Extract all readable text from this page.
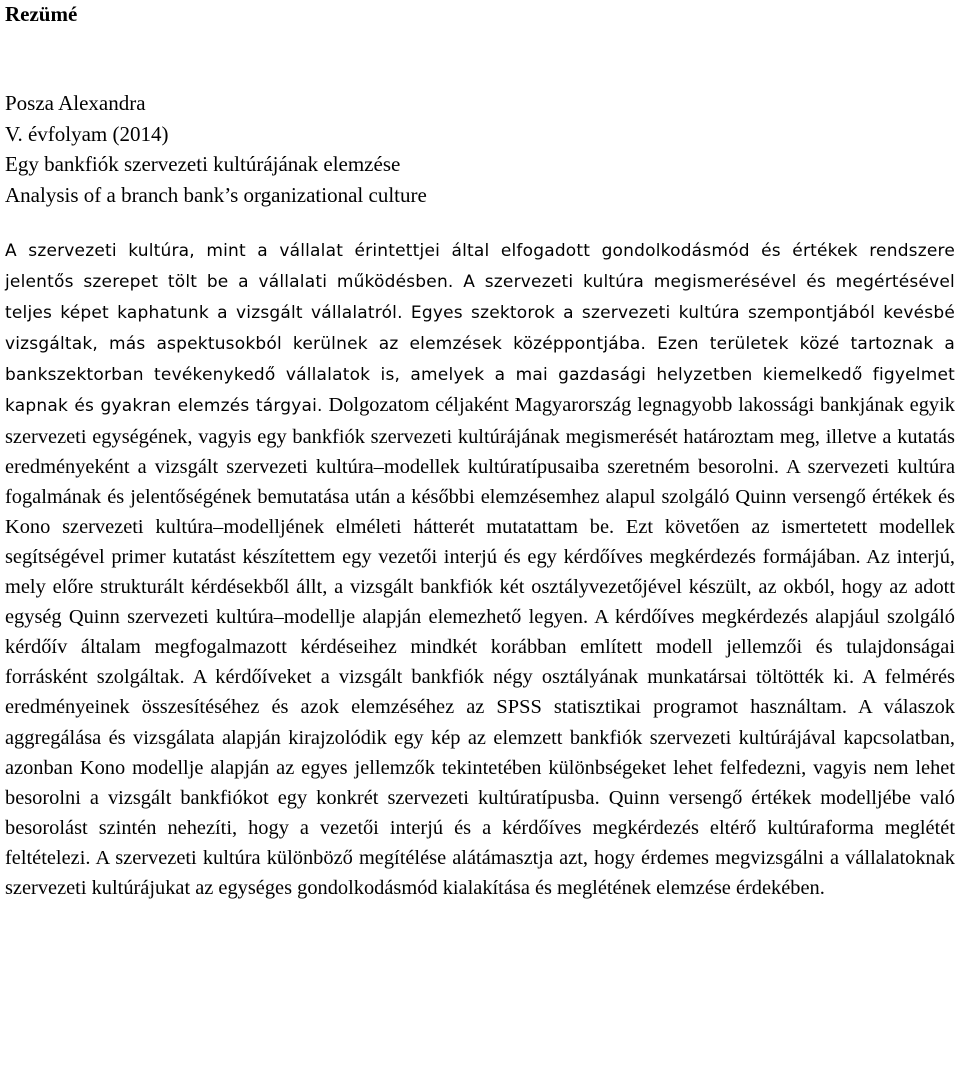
Rezümé
Posza Alexandra
V. évfolyam (2014)
Egy bankfiók szervezeti kultúrájának elemzése
Analysis of a branch bank’s organizational culture

A szervezeti kultúra, mint a vállalat érintettjei által elfogadott gondolkodásmód és értékek rendszere jelentős szerepet tölt be a vállalati működésben. A szervezeti kultúra megismerésével és megértésével teljes képet kaphatunk a vizsgált vállalatról. Egyes szektorok a szervezeti kultúra szempontjából kevésbé vizsgáltak, más aspektusokból kerülnek az elemzések középpontjába. Ezen területek közé tartoznak a bankszektorban tevékenykedő vállalatok is, amelyek a mai gazdasági helyzetben kiemelkedő figyelmet kapnak és gyakran elemzés tárgyai. Dolgozatom céljaként Magyarország legnagyobb lakossági bankjának egyik szervezeti egységének, vagyis egy bankfiók szervezeti kultúrájának megismerését határoztam meg, illetve a kutatás eredményeként a vizsgált szervezeti kultúra–modellek kultúratípusaiba szeretném besorolni. A szervezeti kultúra fogalmának és jelentőségének bemutatása után a későbbi elemzésemhez alapul szolgáló Quinn versengő értékek és Kono szervezeti kultúra–modelljének elméleti hátterét mutatattam be. Ezt követően az ismertetett modellek segítségével primer kutatást készítettem egy vezetői interjú és egy kérdőíves megkérdezés formájában. Az interjú, mely előre strukturált kérdésekből állt, a vizsgált bankfiók két osztályvezetőjével készült, az okból, hogy az adott egység Quinn szervezeti kultúra–modellje alapján elemezhető legyen. A kérdőíves megkérdezés alapjául szolgáló kérdőív általam megfogalmazott kérdéseihez mindkét korábban említett modell jellemzői és tulajdonságai forrásként szolgáltak. A kérdőíveket a vizsgált bankfiók négy osztályának munkatársai töltötték ki. A felmérés eredményeinek összesítéséhez és azok elemzéséhez az SPSS statisztikai programot használtam. A válaszok aggregálása és vizsgálata alapján kirajzolódik egy kép az elemzett bankfiók szervezeti kultúrájával kapcsolatban, azonban Kono modellje alapján az egyes jellemzők tekintetében különbségeket lehet felfedezni, vagyis nem lehet besorolni a vizsgált bankfiókot egy konkrét szervezeti kultúratípusba. Quinn versengő értékek modelljébe való besorolást szintén nehezíti, hogy a vezetői interjú és a kérdőíves megkérdezés eltérő kultúraforma meglétét feltételezi. A szervezeti kultúra különböző megítélése alátámasztja azt, hogy érdemes megvizsgálni a vállalatoknak szervezeti kultúrájukat az egységes gondolkodásmód kialakítása és meglétének elemzése érdekében.
